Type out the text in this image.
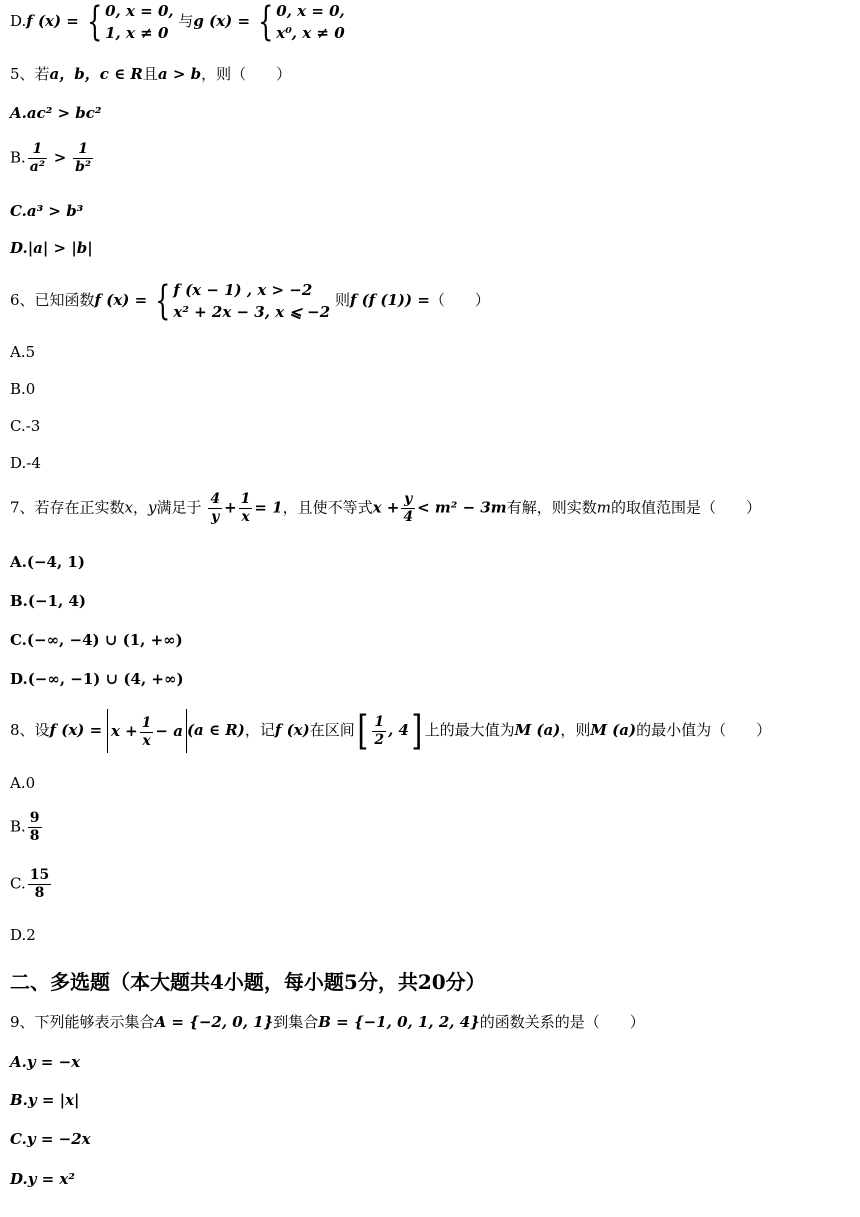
D.f (x) = { 0, x = 0,
1, x ≠ 0
与g (x) = { 0, x = 0,
x⁰, x ≠ 0
5、若a，b，c ∈ R且a > b，则（　　）
A.ac² > bc²
B. $\frac{1}{\text{a²}} > \frac{1}{\text{b²}}$
C.a³ > b³
D.|a| > |b|
6、已知函数f (x) = { f (x − 1) , x > −2
x² + 2x − 3, x ⩽ −2
则f (f (1)) =（　　）
A.5
B.0
C.-3
D.-4
7、若存在正实数x，y满足于 $\frac{4}{y} + \frac{1}{x} = 1$，且使不等式$x + \frac{y}{4} < m^2 - 3m$有解，则实数m的取值范围是（　　）
A.(−4, 1)
B.(−1, 4)
C.(−∞, −4) ∪ (1, +∞)
D.(−∞, −1) ∪ (4, +∞)
8、设f $(x) = x + \frac{1}{x} - a$ (a ∈ R)，记f (x)在区间[ $\frac{1}{2}$ , 4] 上的最大值为M (a)，则M (a)的最小值为（　　）
A.0
B. $\frac{9}{8}$
C. $\frac{15}{8}$
D.2
二、多选题（本大题共4小题，每小题5分，共20分）
9、下列能够表示集合A = {−2, 0, 1}到集合B = {−1, 0, 1, 2, 4}的函数关系的是（　　）
A.y = −x
B.y = |x|
C.y = −2x
D.y = x²
